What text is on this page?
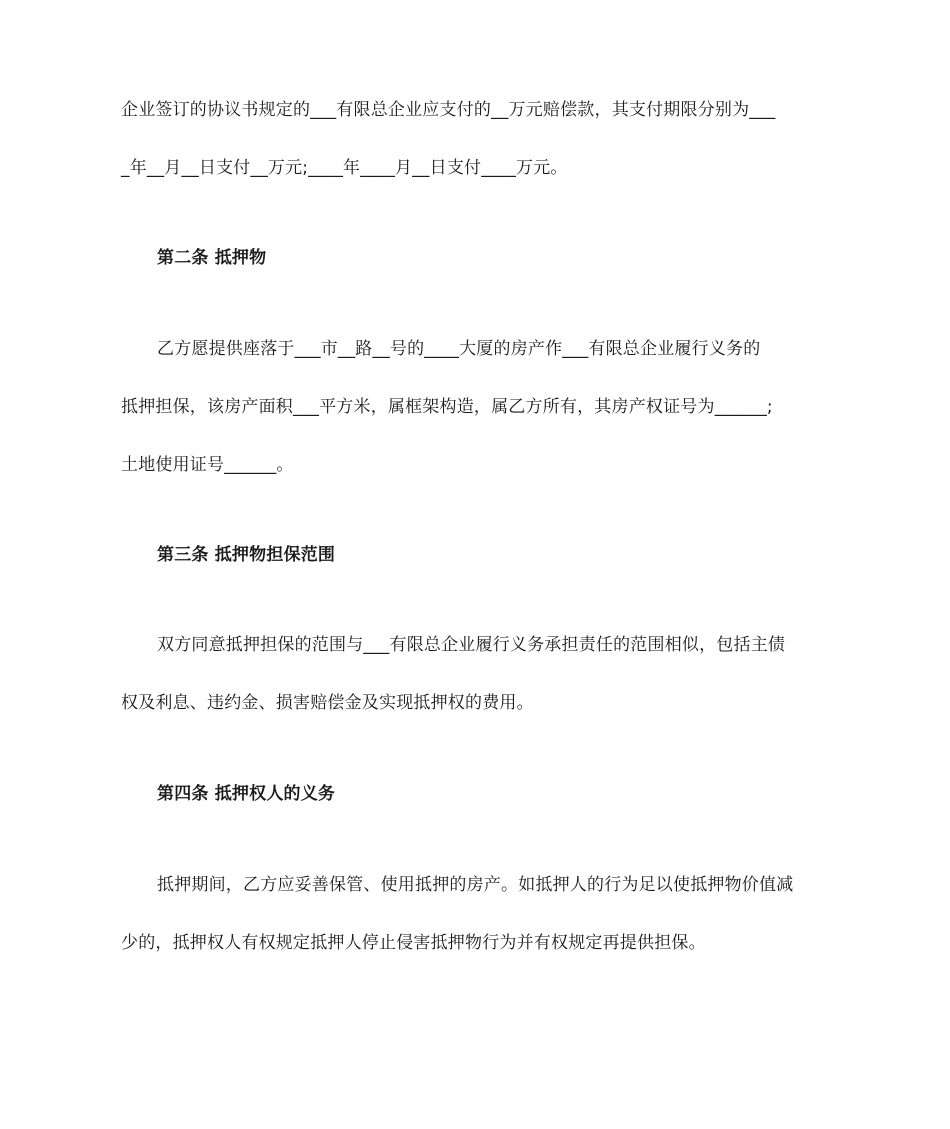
企业签订的协议书规定的___有限总企业应支付的__万元赔偿款，其支付期限分别为___
_年__月__日支付__万元;____年____月__日支付____万元。
第二条 抵押物
乙方愿提供座落于___市__路__号的____大厦的房产作___有限总企业履行义务的
抵押担保，该房产面积___平方米，属框架构造，属乙方所有，其房产权证号为______;
土地使用证号______。
第三条 抵押物担保范围
双方同意抵押担保的范围与___有限总企业履行义务承担责任的范围相似，包括主债
权及利息、违约金、损害赔偿金及实现抵押权的费用。
第四条 抵押权人的义务
抵押期间，乙方应妥善保管、使用抵押的房产。如抵押人的行为足以使抵押物价值减
少的，抵押权人有权规定抵押人停止侵害抵押物行为并有权规定再提供担保。
